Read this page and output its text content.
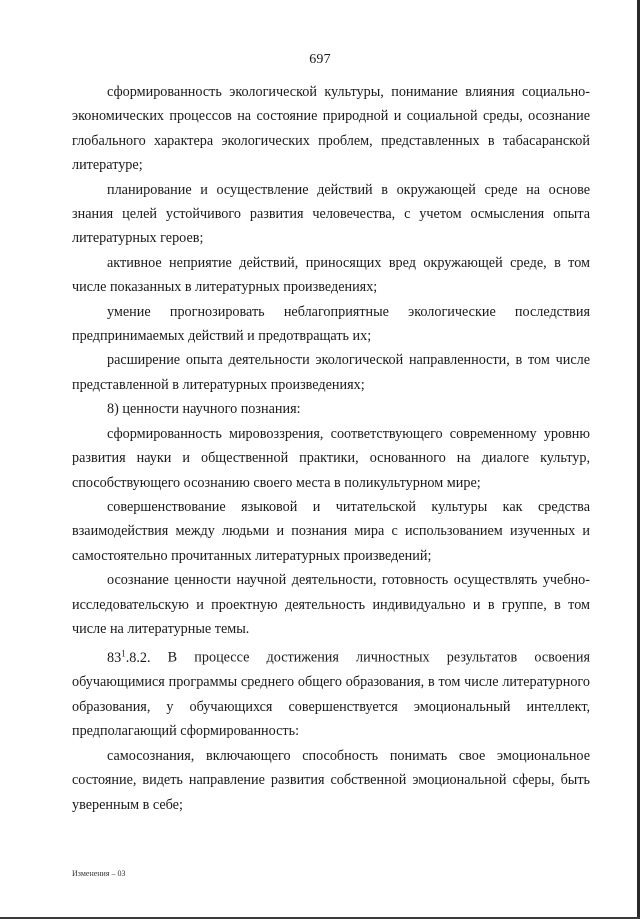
697

сформированность экологической культуры, понимание влияния социально-экономических процессов на состояние природной и социальной среды, осознание глобального характера экологических проблем, представленных в табасаранской литературе;

планирование и осуществление действий в окружающей среде на основе знания целей устойчивого развития человечества, с учетом осмысления опыта литературных героев;

активное неприятие действий, приносящих вред окружающей среде, в том числе показанных в литературных произведениях;

умение прогнозировать неблагоприятные экологические последствия предпринимаемых действий и предотвращать их;

расширение опыта деятельности экологической направленности, в том числе представленной в литературных произведениях;

8) ценности научного познания:

сформированность мировоззрения, соответствующего современному уровню развития науки и общественной практики, основанного на диалоге культур, способствующего осознанию своего места в поликультурном мире;

совершенствование языковой и читательской культуры как средства взаимодействия между людьми и познания мира с использованием изученных и самостоятельно прочитанных литературных произведений;

осознание ценности научной деятельности, готовность осуществлять учебно-исследовательскую и проектную деятельность индивидуально и в группе, в том числе на литературные темы.

$83^1.8.2$. В процессе достижения личностных результатов освоения обучающимися программы среднего общего образования, в том числе литературного образования, у обучающихся совершенствуется эмоциональный интеллект, предполагающий сформированность:

самосознания, включающего способность понимать свое эмоциональное состояние, видеть направление развития собственной эмоциональной сферы, быть уверенным в себе;

Изменения – 03
